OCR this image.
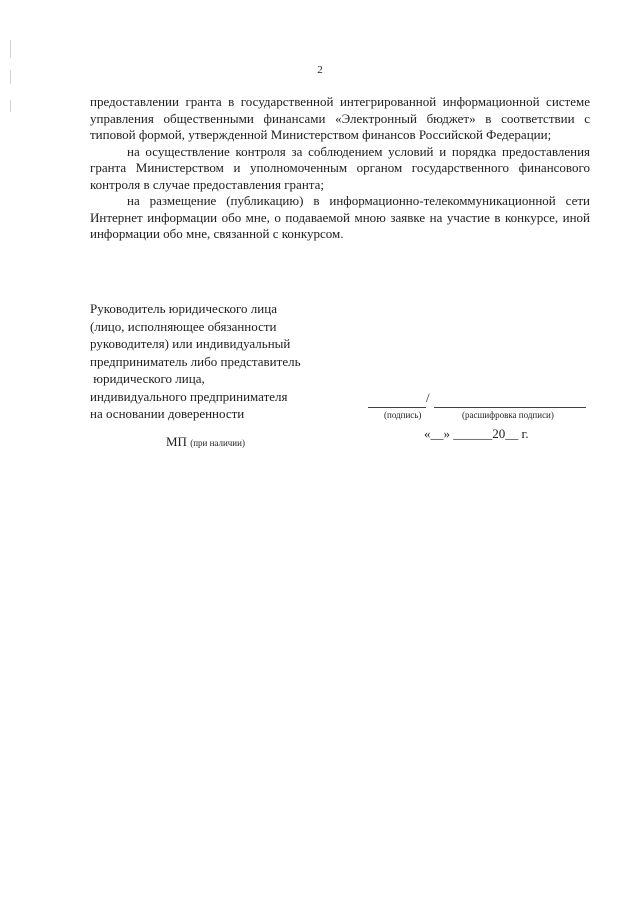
2

предоставлении гранта в государственной интегрированной информационной системе управления общественными финансами «Электронный бюджет» в соответствии с типовой формой, утвержденной Министерством финансов Российской Федерации;

на осуществление контроля за соблюдением условий и порядка предоставления гранта Министерством и уполномоченным органом государственного финансового контроля в случае предоставления гранта;

на размещение (публикацию) в информационно-телекоммуникационной сети Интернет информации обо мне, о подаваемой мною заявке на участие в конкурсе, иной информации обо мне, связанной с конкурсом.

Руководитель юридического лица
(лицо, исполняющее обязанности
руководителя) или индивидуальный
предприниматель либо представитель
юридического лица,
индивидуального предпринимателя
на основании доверенности
/
(подпись)	(расшифровка подписи)
МП (при наличии)
«__» ______20__ г.
